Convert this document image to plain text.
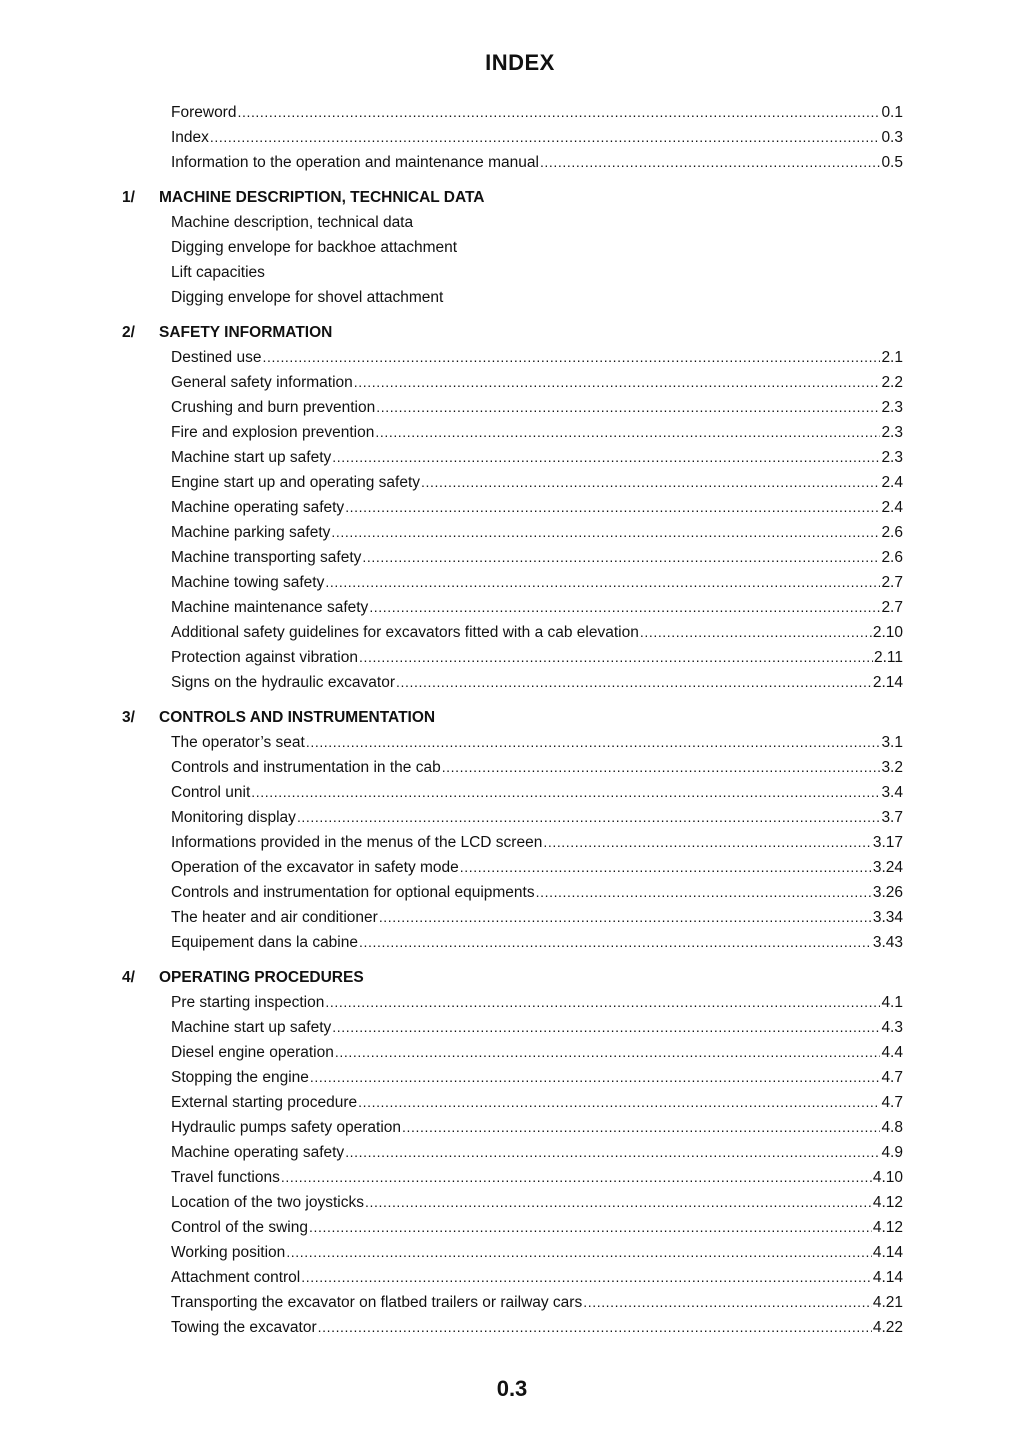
INDEX
Foreword .....	0.1
Index .....	0.3
Information to the operation and maintenance manual .....	0.5
1/	MACHINE DESCRIPTION, TECHNICAL DATA
Machine description, technical data
Digging envelope for backhoe attachment
Lift capacities
Digging envelope for shovel attachment
2/	SAFETY INFORMATION
Destined use .....	2.1
General safety information .....	2.2
Crushing and burn prevention .....	2.3
Fire and explosion prevention .....	2.3
Machine start up safety .....	2.3
Engine start up and operating safety .....	2.4
Machine operating safety .....	2.4
Machine parking safety .....	2.6
Machine transporting safety .....	2.6
Machine towing safety .....	2.7
Machine maintenance safety .....	2.7
Additional safety guidelines for excavators fitted with a cab elevation .....	2.10
Protection against vibration .....	2.11
Signs on the hydraulic excavator .....	2.14
3/	CONTROLS AND INSTRUMENTATION
The operator’s seat .....	3.1
Controls and instrumentation in the cab .....	3.2
Control unit .....	3.4
Monitoring display .....	3.7
Informations provided in the menus of the LCD screen .....	3.17
Operation of the excavator in safety mode .....	3.24
Controls and instrumentation for optional equipments .....	3.26
The heater and air conditioner .....	3.34
Equipement dans la cabine .....	3.43
4/	OPERATING PROCEDURES
Pre starting inspection .....	4.1
Machine start up safety .....	4.3
Diesel engine operation .....	4.4
Stopping the engine .....	4.7
External starting procedure .....	4.7
Hydraulic pumps safety operation .....	4.8
Machine operating safety .....	4.9
Travel functions .....	4.10
Location of the two joysticks .....	4.12
Control of the swing .....	4.12
Working position .....	4.14
Attachment control .....	4.14
Transporting the excavator on flatbed trailers or railway cars .....	4.21
Towing the excavator .....	4.22
0.3
